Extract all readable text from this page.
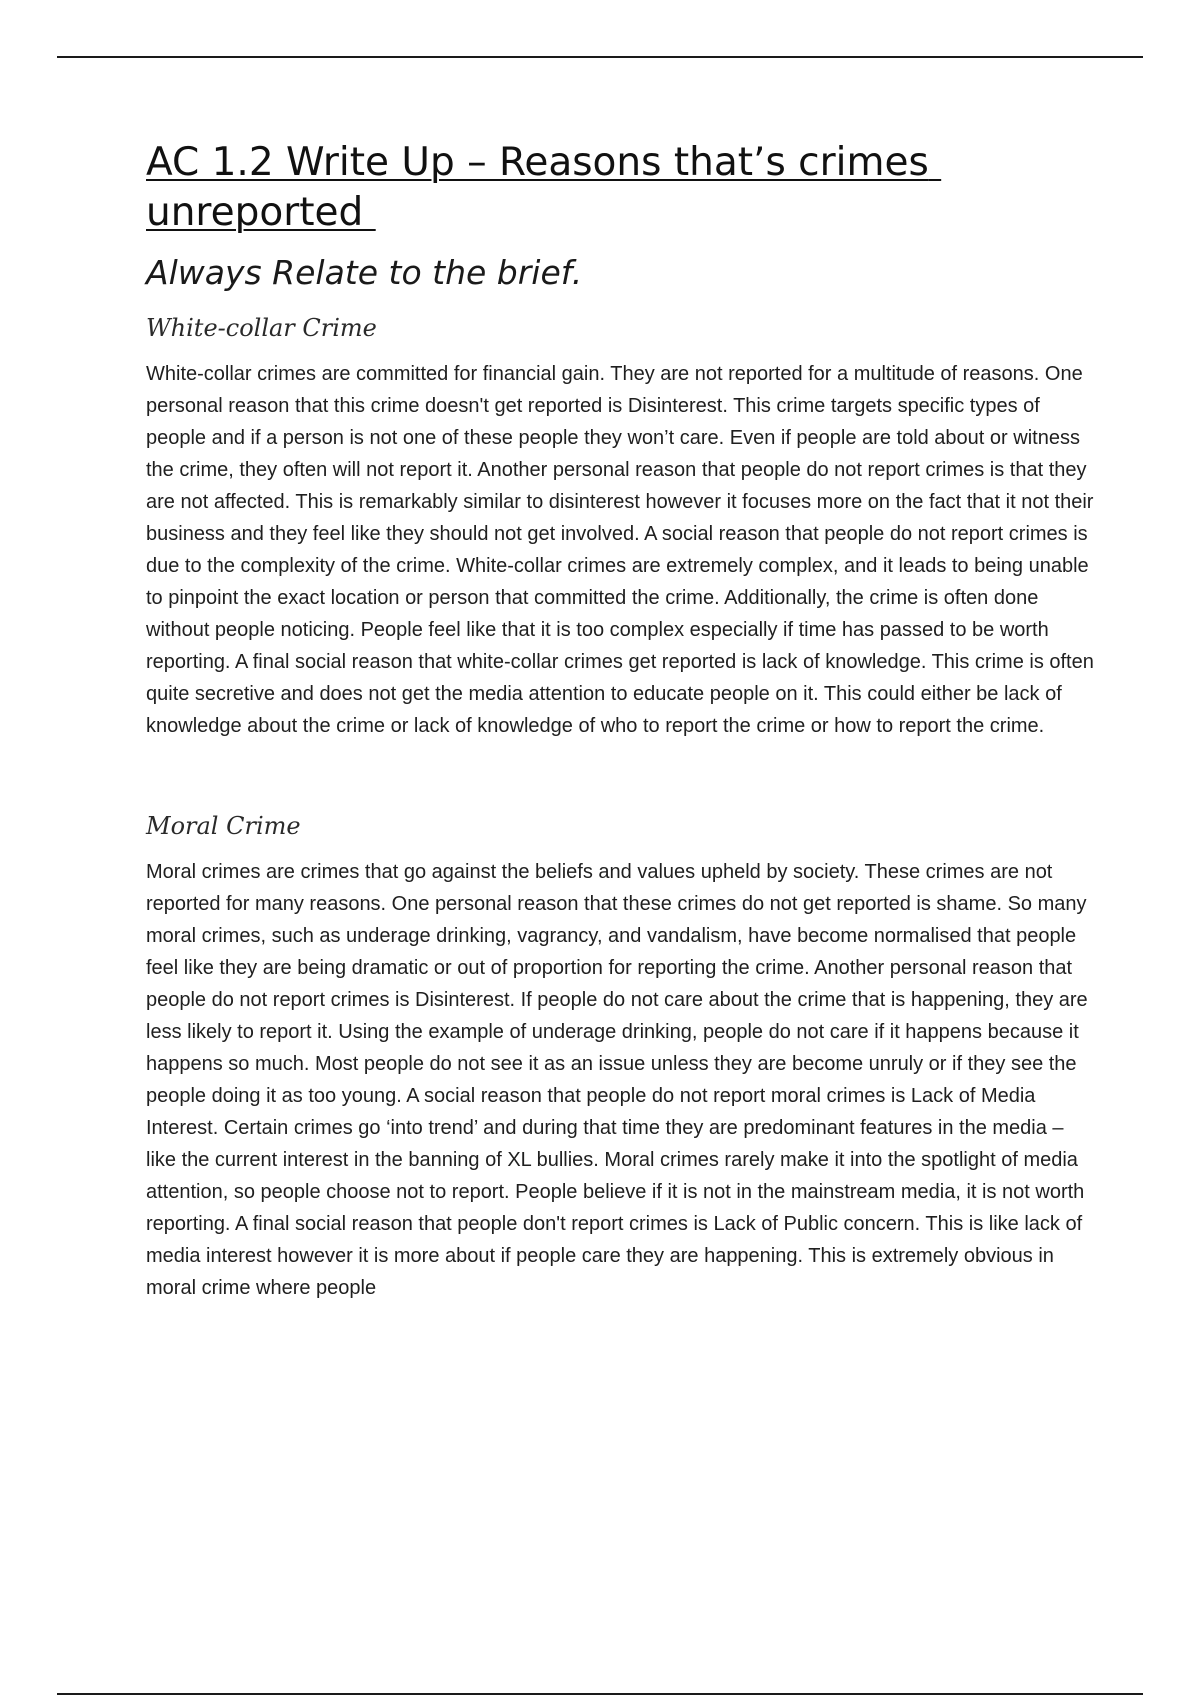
AC 1.2 Write Up – Reasons that’s crimes unreported
Always Relate to the brief.
White-collar Crime

White-collar crimes are committed for financial gain. They are not reported for a multitude of reasons. One personal reason that this crime doesn't get reported is Disinterest. This crime targets specific types of people and if a person is not one of these people they won’t care. Even if people are told about or witness the crime, they often will not report it. Another personal reason that people do not report crimes is that they are not affected. This is remarkably similar to disinterest however it focuses more on the fact that it not their business and they feel like they should not get involved. A social reason that people do not report crimes is due to the complexity of the crime. White-collar crimes are extremely complex, and it leads to being unable to pinpoint the exact location or person that committed the crime. Additionally, the crime is often done without people noticing. People feel like that it is too complex especially if time has passed to be worth reporting. A final social reason that white-collar crimes get reported is lack of knowledge. This crime is often quite secretive and does not get the media attention to educate people on it. This could either be lack of knowledge about the crime or lack of knowledge of who to report the crime or how to report the crime.

Moral Crime

Moral crimes are crimes that go against the beliefs and values upheld by society. These crimes are not reported for many reasons. One personal reason that these crimes do not get reported is shame. So many moral crimes, such as underage drinking, vagrancy, and vandalism, have become normalised that people feel like they are being dramatic or out of proportion for reporting the crime. Another personal reason that people do not report crimes is Disinterest. If people do not care about the crime that is happening, they are less likely to report it. Using the example of underage drinking, people do not care if it happens because it happens so much. Most people do not see it as an issue unless they are become unruly or if they see the people doing it as too young. A social reason that people do not report moral crimes is Lack of Media Interest. Certain crimes go ‘into trend’ and during that time they are predominant features in the media – like the current interest in the banning of XL bullies. Moral crimes rarely make it into the spotlight of media attention, so people choose not to report. People believe if it is not in the mainstream media, it is not worth reporting. A final social reason that people don't report crimes is Lack of Public concern. This is like lack of media interest however it is more about if people care they are happening. This is extremely obvious in moral crime where people
